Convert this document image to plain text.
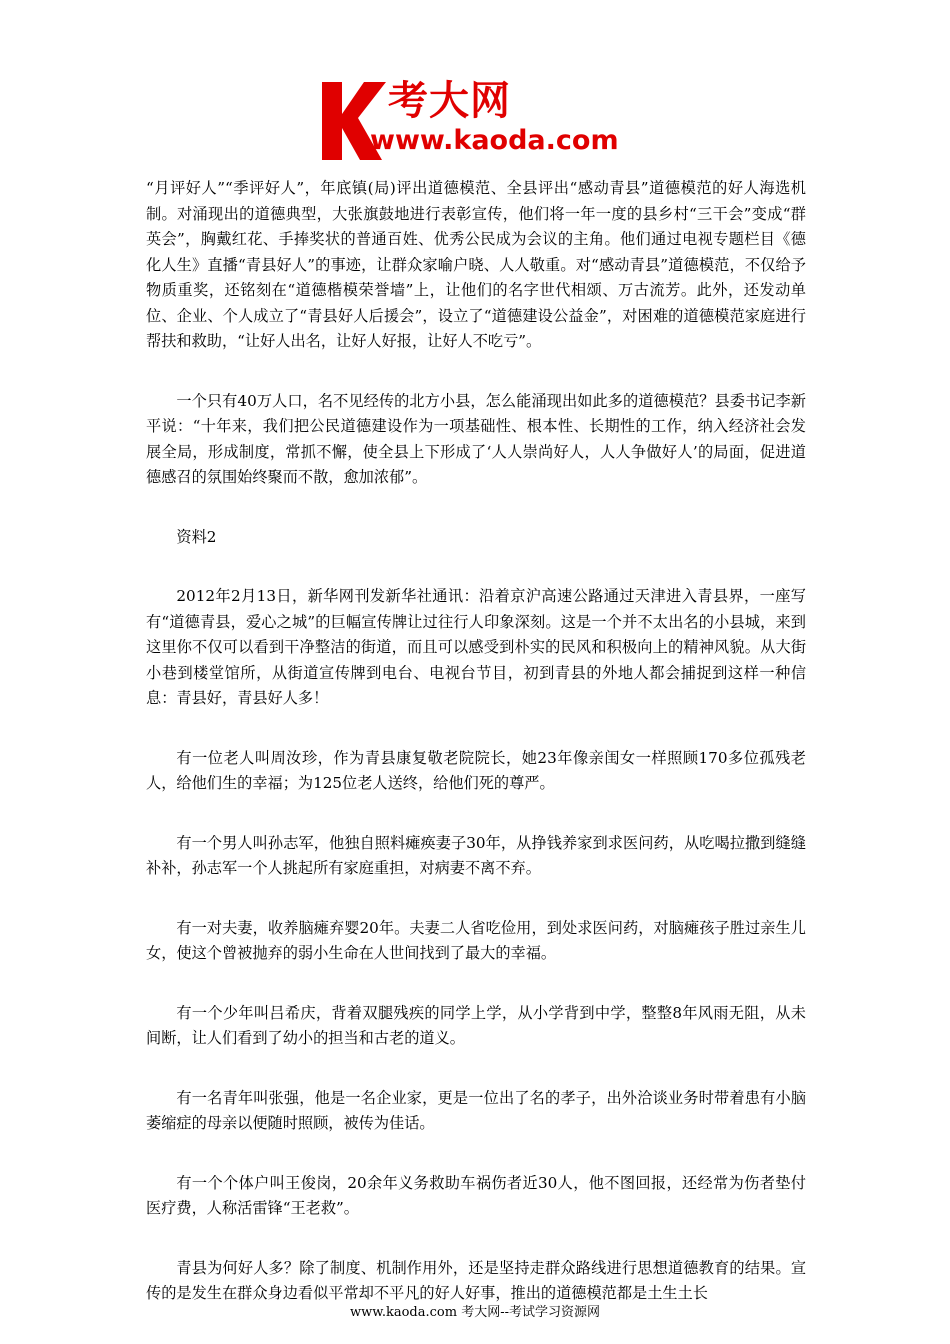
考大网
www.kaoda.com

“月评好人”“季评好人”，年底镇(局)评出道德模范、全县评出“感动青县”道德模范的好人海选机制。对涌现出的道德典型，大张旗鼓地进行表彰宣传，他们将一年一度的县乡村“三干会”变成“群英会”，胸戴红花、手捧奖状的普通百姓、优秀公民成为会议的主角。他们通过电视专题栏目《德化人生》直播“青县好人”的事迹，让群众家喻户晓、人人敬重。对“感动青县”道德模范，不仅给予物质重奖，还铭刻在“道德楷模荣誉墙”上，让他们的名字世代相颂、万古流芳。此外，还发动单位、企业、个人成立了“青县好人后援会”，设立了“道德建设公益金”，对困难的道德模范家庭进行帮扶和救助，“让好人出名，让好人好报，让好人不吃亏”。

一个只有40万人口，名不见经传的北方小县，怎么能涌现出如此多的道德模范？县委书记李新平说：“十年来，我们把公民道德建设作为一项基础性、根本性、长期性的工作，纳入经济社会发展全局，形成制度，常抓不懈，使全县上下形成了‘人人崇尚好人，人人争做好人’的局面，促进道德感召的氛围始终聚而不散，愈加浓郁”。

资料2

2012年2月13日，新华网刊发新华社通讯：沿着京沪高速公路通过天津进入青县界，一座写有“道德青县，爱心之城”的巨幅宣传牌让过往行人印象深刻。这是一个并不太出名的小县城，来到这里你不仅可以看到干净整洁的街道，而且可以感受到朴实的民风和积极向上的精神风貌。从大街小巷到楼堂馆所，从街道宣传牌到电台、电视台节目，初到青县的外地人都会捕捉到这样一种信息：青县好，青县好人多！

有一位老人叫周汝珍，作为青县康复敬老院院长，她23年像亲闺女一样照顾170多位孤残老人，给他们生的幸福；为125位老人送终，给他们死的尊严。

有一个男人叫孙志军，他独自照料瘫痪妻子30年，从挣钱养家到求医问药，从吃喝拉撒到缝缝补补，孙志军一个人挑起所有家庭重担，对病妻不离不弃。

有一对夫妻，收养脑瘫弃婴20年。夫妻二人省吃俭用，到处求医问药，对脑瘫孩子胜过亲生儿女，使这个曾被抛弃的弱小生命在人世间找到了最大的幸福。

有一个少年叫吕希庆，背着双腿残疾的同学上学，从小学背到中学，整整8年风雨无阻，从未间断，让人们看到了幼小的担当和古老的道义。

有一名青年叫张强，他是一名企业家，更是一位出了名的孝子，出外洽谈业务时带着患有小脑萎缩症的母亲以便随时照顾，被传为佳话。

有一个个体户叫王俊岗，20余年义务救助车祸伤者近30人，他不图回报，还经常为伤者垫付医疗费，人称活雷锋“王老救”。

青县为何好人多？除了制度、机制作用外，还是坚持走群众路线进行思想道德教育的结果。宣传的是发生在群众身边看似平常却不平凡的好人好事，推出的道德模范都是土生土长

www.kaoda.com 考大网--考试学习资源网
